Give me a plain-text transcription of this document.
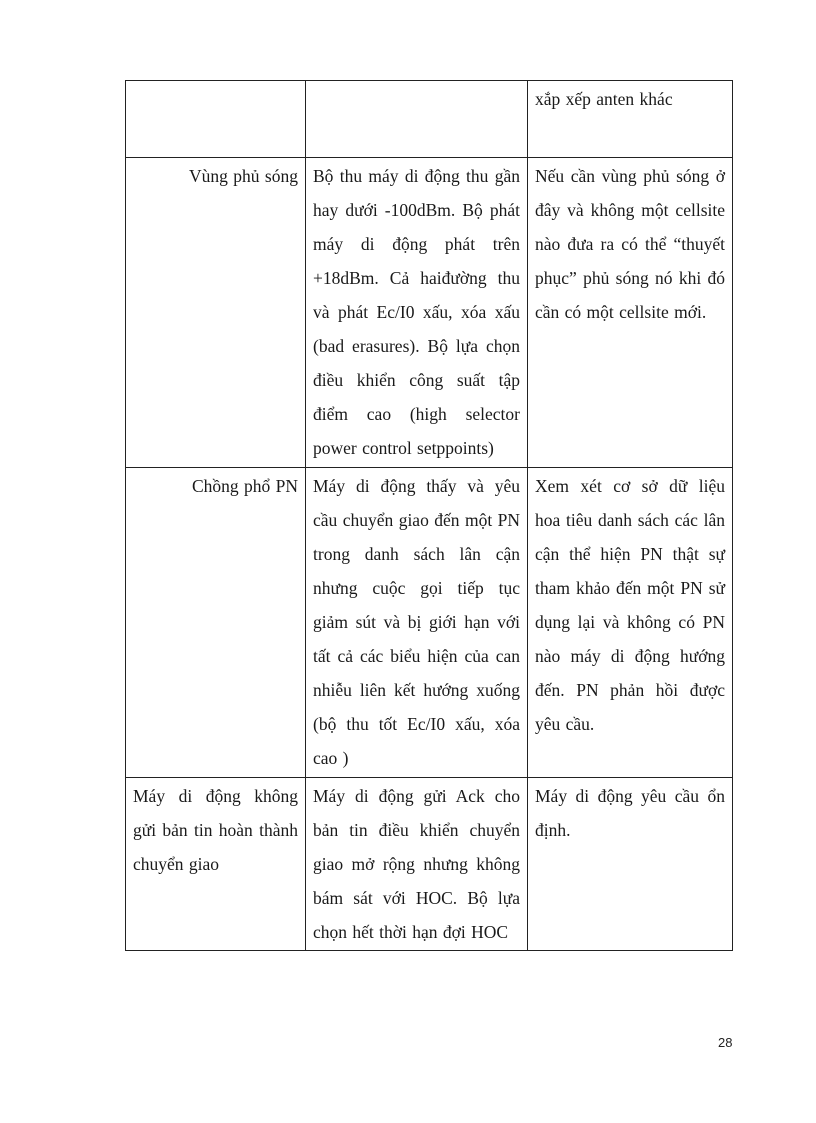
		xắp xếp anten khác
Vùng phủ sóng	Bộ thu máy di động thu gần hay dưới -100dBm. Bộ phát máy di động phát trên +18dBm. Cả haiđường thu và phát Ec/I0 xấu, xóa xấu (bad erasures). Bộ lựa chọn điều khiển công suất tập điểm cao (high selector power control setppoints)	Nếu cần vùng phủ sóng ở đây và không một cellsite nào đưa ra có thể “thuyết phục” phủ sóng nó khi đó cần có một cellsite mới.
Chồng phổ PN	Máy di động thấy và yêu cầu chuyển giao đến một PN trong danh sách lân cận nhưng cuộc gọi tiếp tục giảm sút và bị giới hạn với tất cả các biểu hiện của can nhiễu liên kết hướng xuống (bộ thu tốt Ec/I0 xấu, xóa cao )	Xem xét cơ sở dữ liệu hoa tiêu danh sách các lân cận thể hiện PN thật sự tham khảo đến một PN sử dụng lại và không có PN nào máy di động hướng đến. PN phản hồi được yêu cầu.
Máy di động không gửi bản tin hoàn thành chuyển giao	Máy di động gửi Ack cho bản tin điều khiển chuyển giao mở rộng nhưng không bám sát với HOC. Bộ lựa chọn hết thời hạn đợi HOC	Máy di động yêu cầu ổn định.
28
